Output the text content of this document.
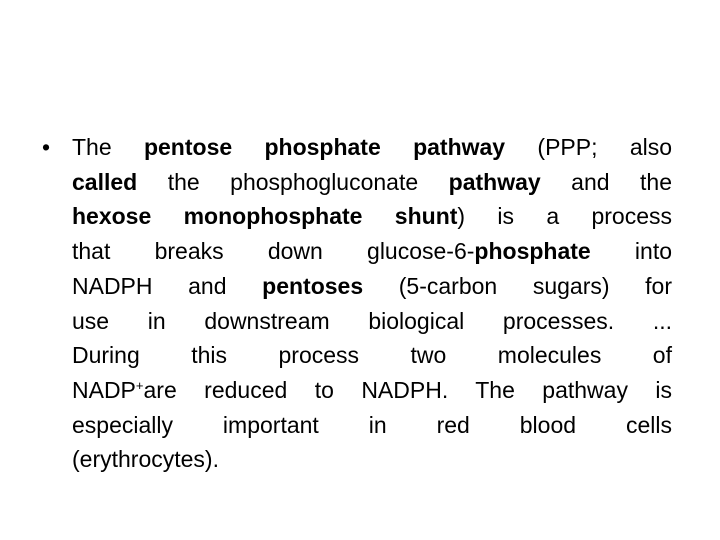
• The pentose phosphate pathway (PPP; also
called the phosphogluconate pathway and the
hexose monophosphate shunt) is a process
that breaks down glucose-6-phosphate into
NADPH and pentoses (5-carbon sugars) for
use in downstream biological processes. ...
During this process two molecules of
NADP+are reduced to NADPH. The pathway is
especially important in red blood cells
(erythrocytes).
